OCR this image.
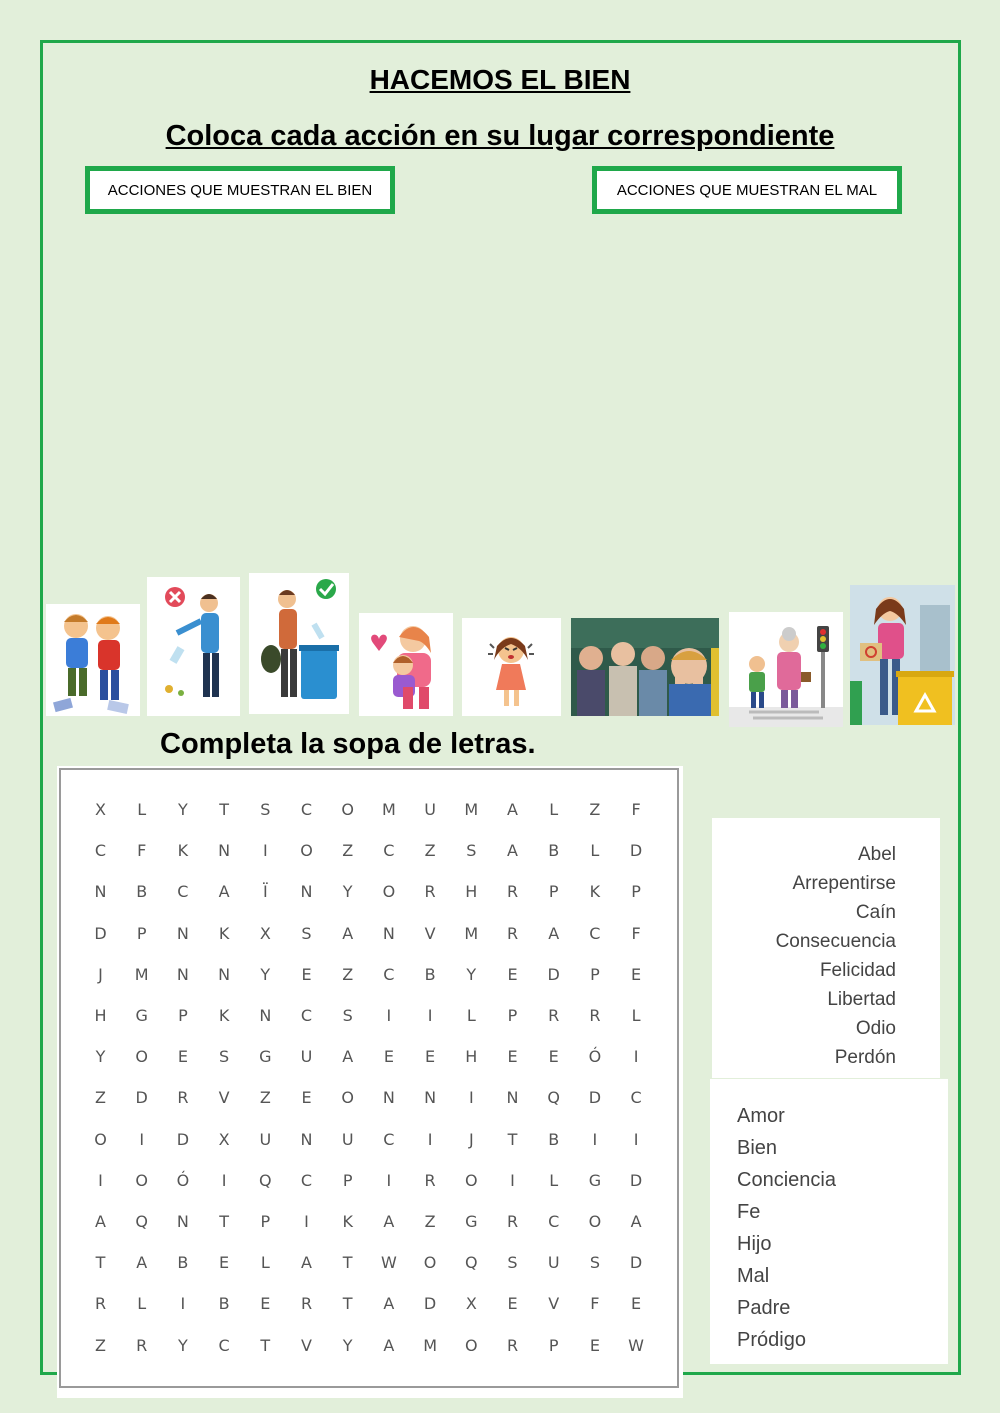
HACEMOS EL BIEN
Coloca cada acción en su lugar correspondiente
ACCIONES QUE MUESTRAN EL BIEN	ACCIONES QUE MUESTRAN EL MAL
Completa la sopa de letras.
X	L	Y	T	S	C	O	M	U	M	A	L	Z	F
C	F	K	N	I	O	Z	C	Z	S	A	B	L	D
N	B	C	A	Ï	N	Y	O	R	H	R	P	K	P
D	P	N	K	X	S	A	N	V	M	R	A	C	F
J	M	N	N	Y	E	Z	C	B	Y	E	D	P	E
H	G	P	K	N	C	S	I	I	L	P	R	R	L
Y	O	E	S	G	U	A	E	E	H	E	E	Ó	I
Z	D	R	V	Z	E	O	N	N	I	N	Q	D	C
O	I	D	X	U	N	U	C	I	J	T	B	I	I
I	O	Ó	I	Q	C	P	I	R	O	I	L	G	D
A	Q	N	T	P	I	K	A	Z	G	R	C	O	A
T	A	B	E	L	A	T	W	O	Q	S	U	S	D
R	L	I	B	E	R	T	A	D	X	E	V	F	E
Z	R	Y	C	T	V	Y	A	M	O	R	P	E	W
Abel
Arrepentirse
Caín
Consecuencia
Felicidad
Libertad
Odio
Perdón
Amor
Bien
Conciencia
Fe
Hijo
Mal
Padre
Pródigo
